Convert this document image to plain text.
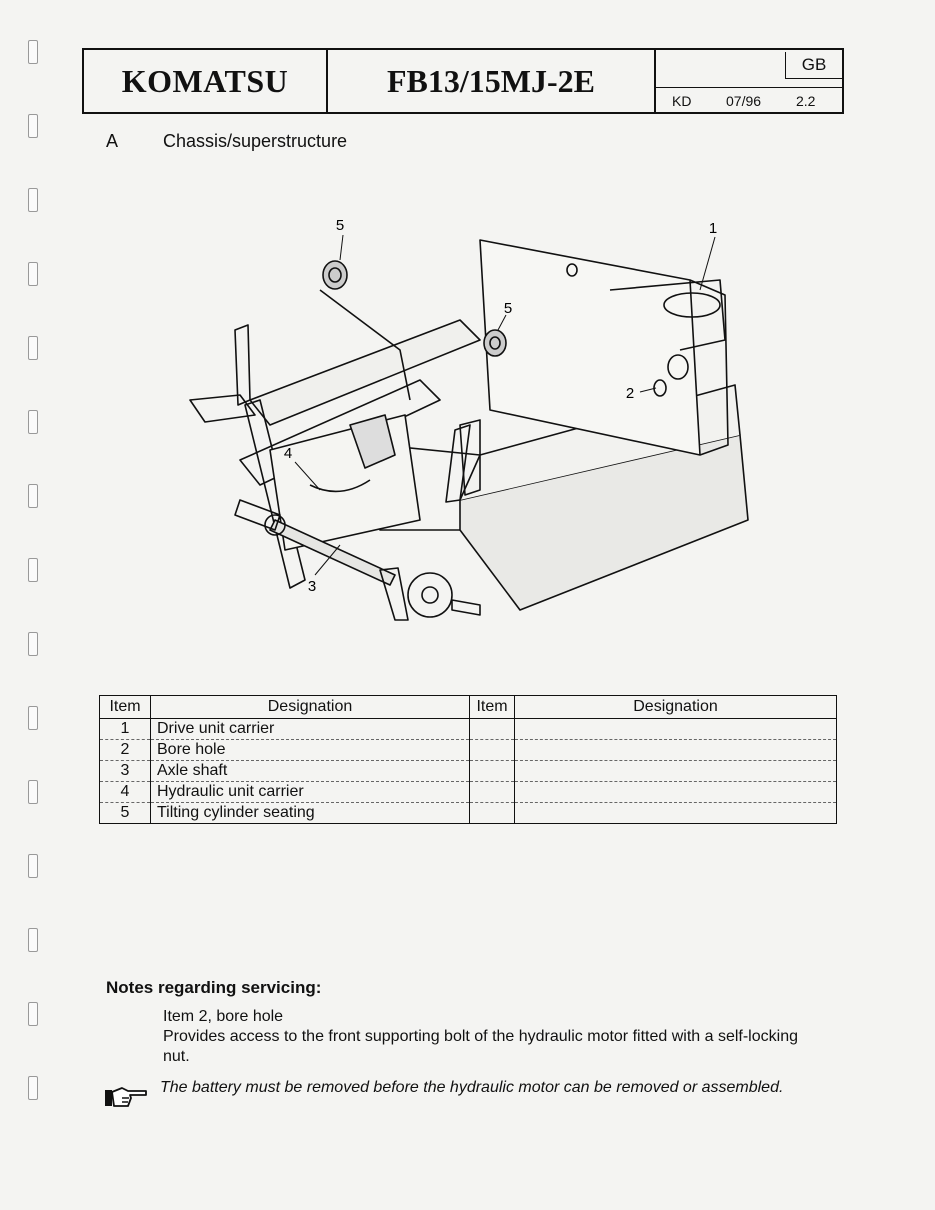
KOMATSU	FB13/15MJ-2E	GB
KD 07/96 2.2
A Chassis/superstructure
5	1
5
2
4
3
Item	Designation	Item	Designation
1	Drive unit carrier		
2	Bore hole		
3	Axle shaft		
4	Hydraulic unit carrier		
5	Tilting cylinder seating		
Notes regarding servicing:
Item 2, bore hole
Provides access to the front supporting bolt of the hydraulic motor fitted with a self-locking nut.
The battery must be removed before the hydraulic motor can be removed or assembled.
